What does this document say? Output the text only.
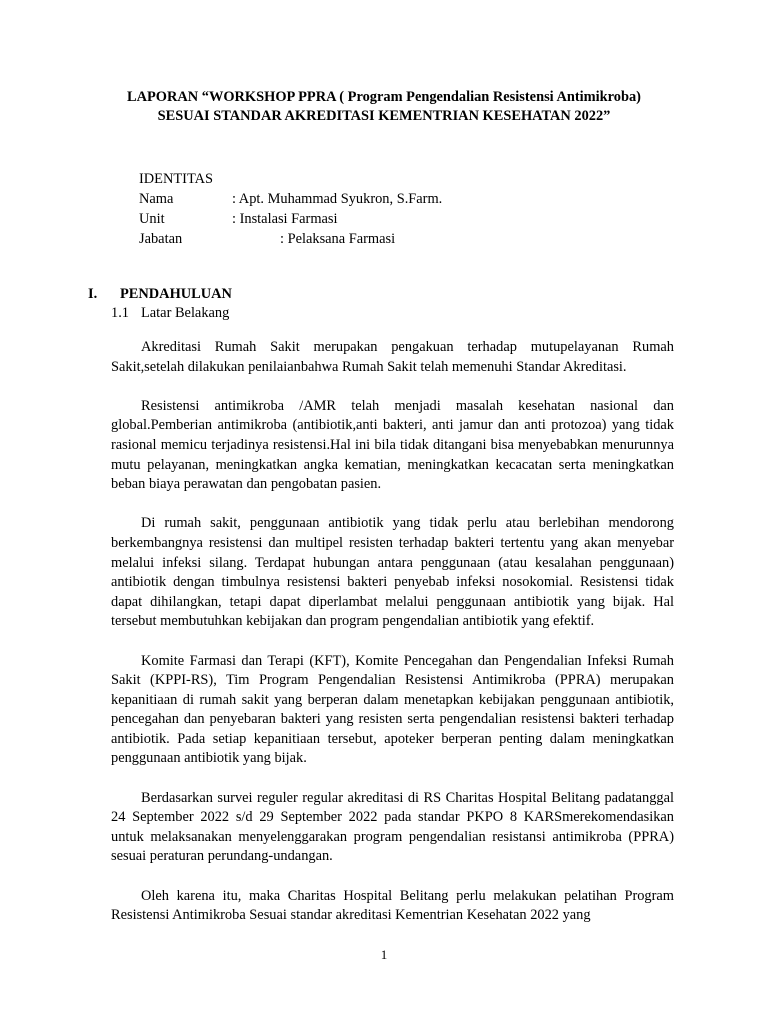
LAPORAN “WORKSHOP PPRA ( Program Pengendalian Resistensi Antimikroba)
SESUAI STANDAR AKREDITASI KEMENTRIAN KESEHATAN 2022”
IDENTITAS
Nama	: Apt. Muhammad Syukron, S.Farm.
Unit	: Instalasi Farmasi
Jabatan	: Pelaksana Farmasi
I. PENDAHULUAN
1.1 Latar Belakang

Akreditasi Rumah Sakit merupakan pengakuan terhadap mutupelayanan Rumah Sakit,setelah dilakukan penilaianbahwa Rumah Sakit telah memenuhi Standar Akreditasi.

Resistensi antimikroba /AMR telah menjadi masalah kesehatan nasional dan global.Pemberian antimikroba (antibiotik,anti bakteri, anti jamur dan anti protozoa) yang tidak rasional memicu terjadinya resistensi.Hal ini bila tidak ditangani bisa menyebabkan menurunnya mutu pelayanan, meningkatkan angka kematian, meningkatkan kecacatan serta meningkatkan beban biaya perawatan dan pengobatan pasien.

Di rumah sakit, penggunaan antibiotik yang tidak perlu atau berlebihan mendorong berkembangnya resistensi dan multipel resisten terhadap bakteri tertentu yang akan menyebar melalui infeksi silang. Terdapat hubungan antara penggunaan (atau kesalahan penggunaan) antibiotik dengan timbulnya resistensi bakteri penyebab infeksi nosokomial. Resistensi tidak dapat dihilangkan, tetapi dapat diperlambat melalui penggunaan antibiotik yang bijak. Hal tersebut membutuhkan kebijakan dan program pengendalian antibiotik yang efektif.

Komite Farmasi dan Terapi (KFT), Komite Pencegahan dan Pengendalian Infeksi Rumah Sakit (KPPI-RS), Tim Program Pengendalian Resistensi Antimikroba (PPRA) merupakan kepanitiaan di rumah sakit yang berperan dalam menetapkan kebijakan penggunaan antibiotik, pencegahan dan penyebaran bakteri yang resisten serta pengendalian resistensi bakteri terhadap antibiotik. Pada setiap kepanitiaan tersebut, apoteker berperan penting dalam meningkatkan penggunaan antibiotik yang bijak.

Berdasarkan survei reguler regular akreditasi di RS Charitas Hospital Belitang padatanggal 24 September 2022 s/d 29 September 2022 pada standar PKPO 8 KARSmerekomendasikan untuk melaksanakan menyelenggarakan program pengendalian resistansi antimikroba (PPRA) sesuai peraturan perundang-undangan.

Oleh karena itu, maka Charitas Hospital Belitang perlu melakukan pelatihan Program Resistensi Antimikroba Sesuai standar akreditasi Kementrian Kesehatan 2022 yang

1
